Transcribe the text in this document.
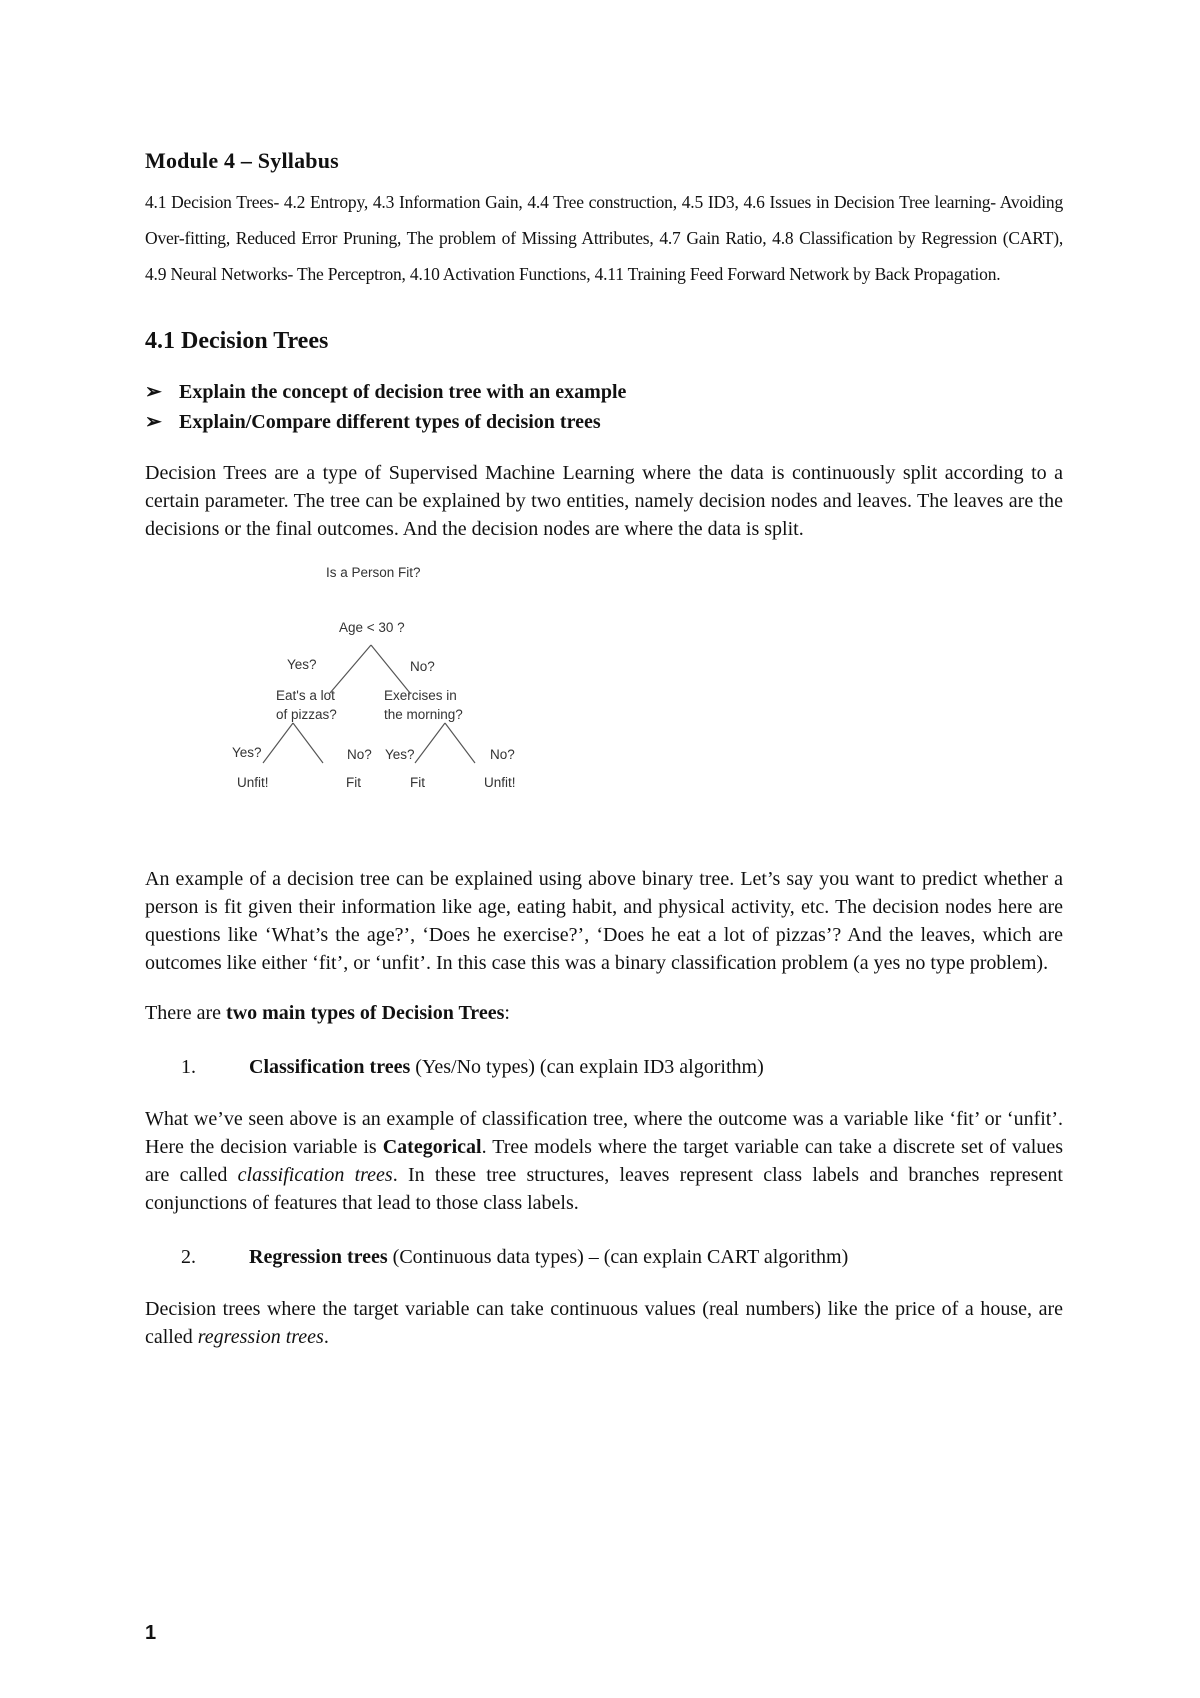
Module 4 – Syllabus

4.1 Decision Trees- 4.2 Entropy, 4.3 Information Gain, 4.4 Tree construction, 4.5 ID3, 4.6 Issues in Decision Tree learning- Avoiding Over-fitting, Reduced Error Pruning, The problem of Missing Attributes, 4.7 Gain Ratio, 4.8 Classification by Regression (CART), 4.9 Neural Networks- The Perceptron, 4.10 Activation Functions, 4.11 Training Feed Forward Network by Back Propagation.

4.1 Decision Trees
➢ Explain the concept of decision tree with an example
➢ Explain/Compare different types of decision trees

Decision Trees are a type of Supervised Machine Learning where the data is continuously split according to a certain parameter. The tree can be explained by two entities, namely decision nodes and leaves. The leaves are the decisions or the final outcomes. And the decision nodes are where the data is split.

Is a Person Fit?
Age < 30 ?
Yes?	No?
Eat's a lot
of pizzas?
Exercises in
the morning?
Yes?	No? Yes?	No?
Unfit!	Fit	Fit	Unfit!

An example of a decision tree can be explained using above binary tree. Let’s say you want to predict whether a person is fit given their information like age, eating habit, and physical activity, etc. The decision nodes here are questions like ‘What’s the age?’, ‘Does he exercise?’, ‘Does he eat a lot of pizzas’? And the leaves, which are outcomes like either ‘fit’, or ‘unfit’. In this case this was a binary classification problem (a yes no type problem).

There are two main types of Decision Trees:

1.	Classification trees (Yes/No types) (can explain ID3 algorithm)

What we’ve seen above is an example of classification tree, where the outcome was a variable like ‘fit’ or ‘unfit’. Here the decision variable is Categorical. Tree models where the target variable can take a discrete set of values are called classification trees. In these tree structures, leaves represent class labels and branches represent conjunctions of features that lead to those class labels.

2.	Regression trees (Continuous data types) – (can explain CART algorithm)

Decision trees where the target variable can take continuous values (real numbers) like the price of a house, are called regression trees.

1
